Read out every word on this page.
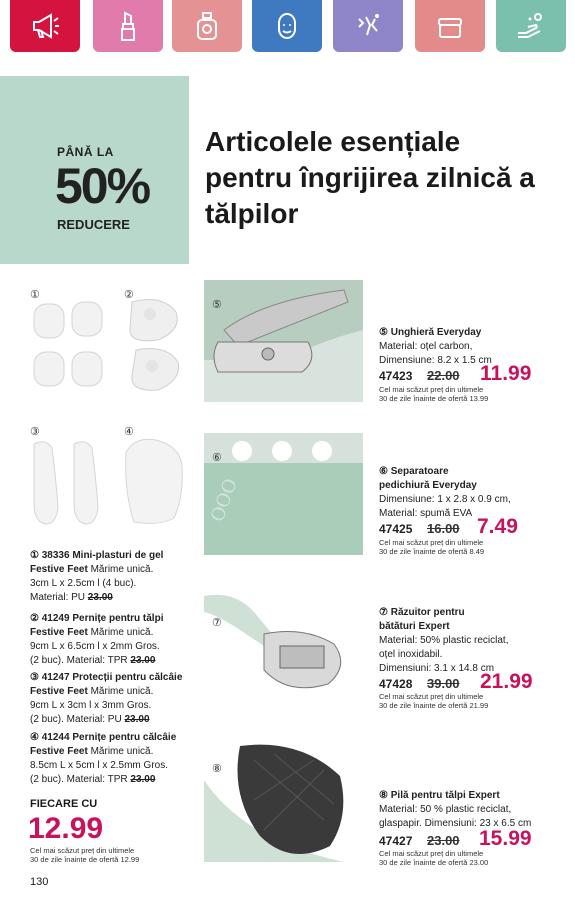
PÂNĂ LA
50%
REDUCERE
Articolele esențiale pentru îngrijirea zilnică a tălpilor
①	②
③	④
① 38336 Mini-plasturi de gel
Festive Feet Mărime unică.
3cm L x 2.5cm l (4 buc).
Material: PU 23.00
② 41249 Pernițe pentru tălpi
Festive Feet Mărime unică.
9cm L x 6.5cm l x 2mm Gros.
(2 buc). Material: TPR 23.00
③ 41247 Protecții pentru călcâie
Festive Feet Mărime unică.
9cm L x 3cm l x 3mm Gros.
(2 buc). Material: PU 23.00
④ 41244 Pernițe pentru călcâie
Festive Feet Mărime unică.
8.5cm L x 5cm l x 2.5mm Gros.
(2 buc). Material: TPR 23.00
FIECARE CU
12.99
Cel mai scăzut preț din ultimele
30 de zile înainte de ofertă 12.99
130
⑤
OOO
⑥
⑦
⑧
⑤ Unghieră Everyday
Material: oțel carbon,
Dimensiune: 8.2 x 1.5 cm
47423 22.00 11.99
Cel mai scăzut preț din ultimele
30 de zile înainte de ofertă 13.99
⑥ Separatoare
pedichiură Everyday
Dimensiune: 1 x 2.8 x 0.9 cm,
Material: spumă EVA
47425 16.00 7.49
Cel mai scăzut preț din ultimele
30 de zile înainte de ofertă 8.49
⑦ Răzuitor pentru
bătături Expert
Material: 50% plastic reciclat,
oțel inoxidabil.
Dimensiuni: 3.1 x 14.8 cm
47428 39.00 21.99
Cel mai scăzut preț din ultimele
30 de zile înainte de ofertă 21.99
⑧ Pilă pentru tălpi Expert
Material: 50 % plastic reciclat,
glaspapir. Dimensiuni: 23 x 6.5 cm
47427 23.00 15.99
Cel mai scăzut preț din ultimele
30 de zile înainte de ofertă 23.00
